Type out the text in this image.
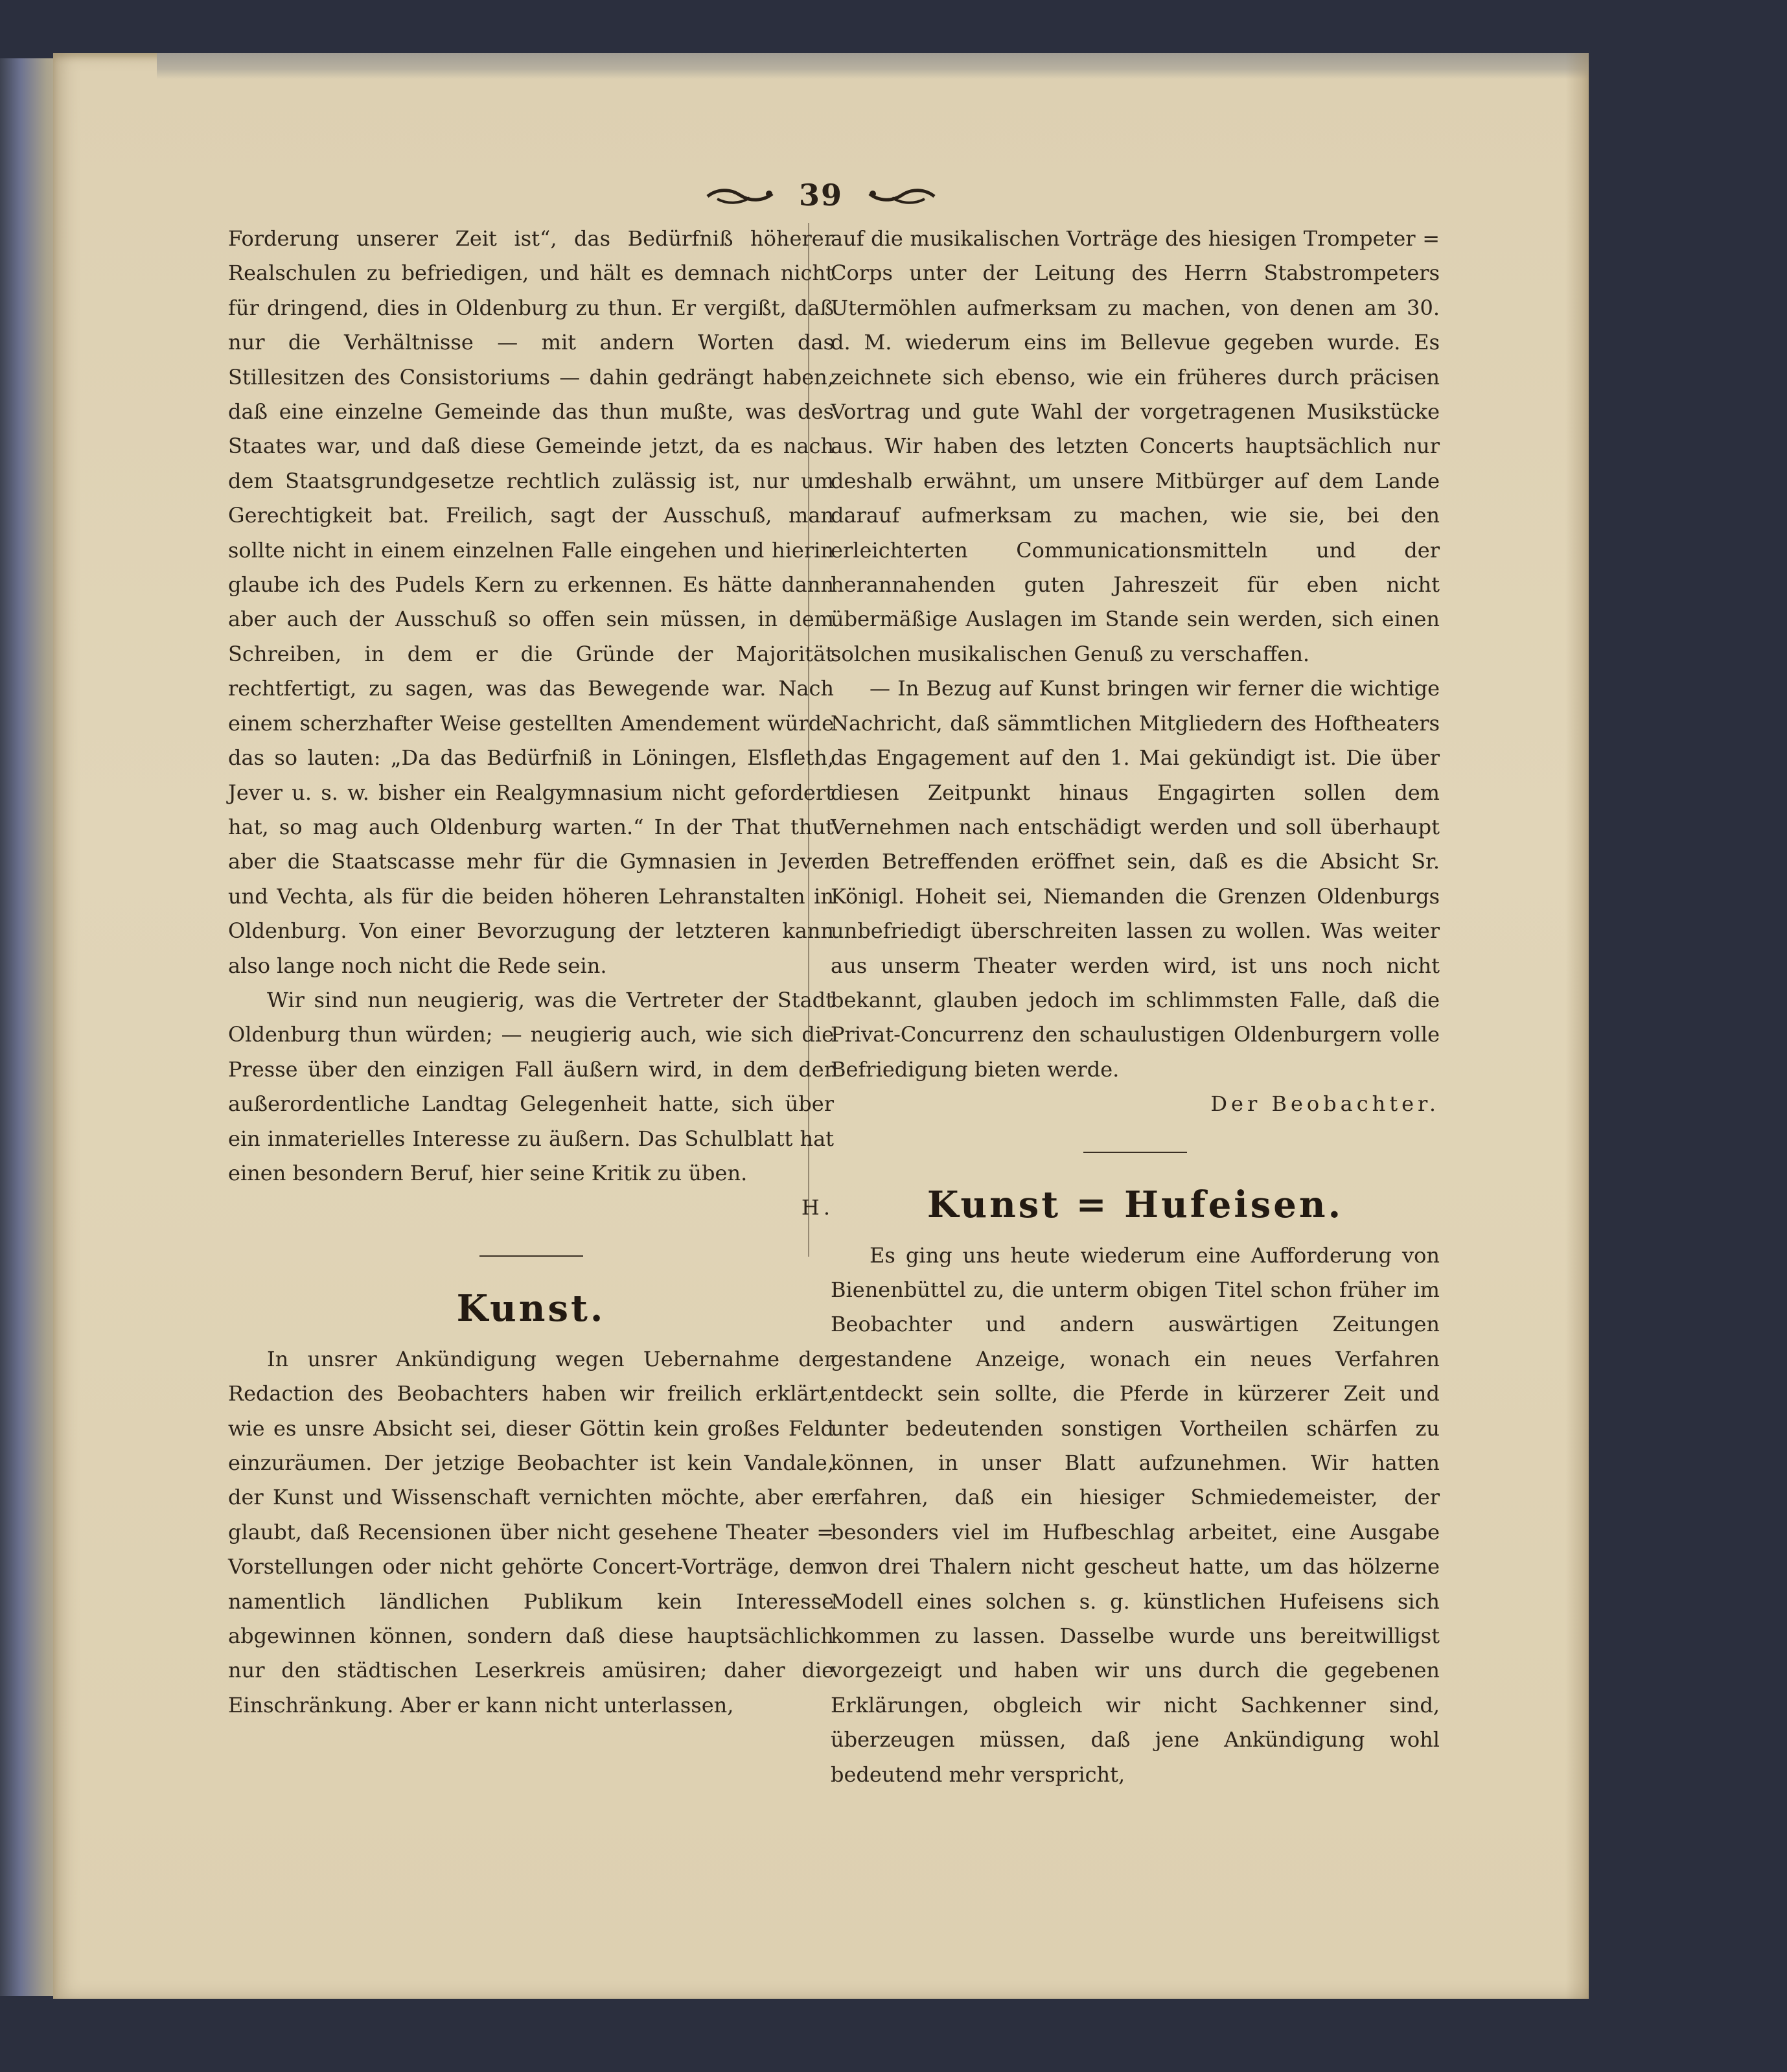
39

Forderung unserer Zeit ist“, das Bedürfniß höherer Realschulen zu befriedigen, und hält es demnach nicht für dringend, dies in Oldenburg zu thun. Er vergißt, daß nur die Verhältnisse — mit andern Worten das Stillesitzen des Consistoriums — dahin gedrängt haben, daß eine einzelne Gemeinde das thun mußte, was des Staates war, und daß diese Gemeinde jetzt, da es nach dem Staatsgrundgesetze rechtlich zulässig ist, nur um Gerechtigkeit bat. Freilich, sagt der Ausschuß, man sollte nicht in einem einzelnen Falle eingehen und hierin glaube ich des Pudels Kern zu erkennen. Es hätte dann aber auch der Ausschuß so offen sein müssen, in dem Schreiben, in dem er die Gründe der Majorität rechtfertigt, zu sagen, was das Bewegende war. Nach einem scherzhafter Weise gestellten Amendement würde das so lauten: „Da das Bedürfniß in Löningen, Elsfleth, Jever u. s. w. bisher ein Realgymnasium nicht gefordert hat, so mag auch Oldenburg warten.“ In der That thut aber die Staatscasse mehr für die Gymnasien in Jever und Vechta, als für die beiden höheren Lehranstalten in Oldenburg. Von einer Bevorzugung der letzteren kann also lange noch nicht die Rede sein.

Wir sind nun neugierig, was die Vertreter der Stadt Oldenburg thun würden; — neugierig auch, wie sich die Presse über den einzigen Fall äußern wird, in dem der außerordentliche Landtag Gelegenheit hatte, sich über ein inmaterielles Interesse zu äußern. Das Schulblatt hat einen besondern Beruf, hier seine Kritik zu üben.

H.

Kunst.

In unsrer Ankündigung wegen Uebernahme der Redaction des Beobachters haben wir freilich erklärt, wie es unsre Absicht sei, dieser Göttin kein großes Feld einzuräumen. Der jetzige Beobachter ist kein Vandale, der Kunst und Wissenschaft vernichten möchte, aber er glaubt, daß Recensionen über nicht gesehene Theater = Vorstellungen oder nicht gehörte Concert-Vorträge, dem namentlich ländlichen Publikum kein Interesse abgewinnen können, sondern daß diese hauptsächlich nur den städtischen Leserkreis amüsiren; daher die Einschränkung. Aber er kann nicht unterlassen,

auf die musikalischen Vorträge des hiesigen Trompeter = Corps unter der Leitung des Herrn Stabstrompeters Utermöhlen aufmerksam zu machen, von denen am 30. d. M. wiederum eins im Bellevue gegeben wurde. Es zeichnete sich ebenso, wie ein früheres durch präcisen Vortrag und gute Wahl der vorgetragenen Musikstücke aus. Wir haben des letzten Concerts hauptsächlich nur deshalb erwähnt, um unsere Mitbürger auf dem Lande darauf aufmerksam zu machen, wie sie, bei den erleichterten Communicationsmitteln und der herannahenden guten Jahreszeit für eben nicht übermäßige Auslagen im Stande sein werden, sich einen solchen musikalischen Genuß zu verschaffen.

— In Bezug auf Kunst bringen wir ferner die wichtige Nachricht, daß sämmtlichen Mitgliedern des Hoftheaters das Engagement auf den 1. Mai gekündigt ist. Die über diesen Zeitpunkt hinaus Engagirten sollen dem Vernehmen nach entschädigt werden und soll überhaupt den Betreffenden eröffnet sein, daß es die Absicht Sr. Königl. Hoheit sei, Niemanden die Grenzen Oldenburgs unbefriedigt überschreiten lassen zu wollen. Was weiter aus unserm Theater werden wird, ist uns noch nicht bekannt, glauben jedoch im schlimmsten Falle, daß die Privat-Concurrenz den schaulustigen Oldenburgern volle Befriedigung bieten werde.

Der Beobachter.

Kunst = Hufeisen.

Es ging uns heute wiederum eine Aufforderung von Bienenbüttel zu, die unterm obigen Titel schon früher im Beobachter und andern auswärtigen Zeitungen gestandene Anzeige, wonach ein neues Verfahren entdeckt sein sollte, die Pferde in kürzerer Zeit und unter bedeutenden sonstigen Vortheilen schärfen zu können, in unser Blatt aufzunehmen. Wir hatten erfahren, daß ein hiesiger Schmiedemeister, der besonders viel im Hufbeschlag arbeitet, eine Ausgabe von drei Thalern nicht gescheut hatte, um das hölzerne Modell eines solchen s. g. künstlichen Hufeisens sich kommen zu lassen. Dasselbe wurde uns bereitwilligst vorgezeigt und haben wir uns durch die gegebenen Erklärungen, obgleich wir nicht Sachkenner sind, überzeugen müssen, daß jene Ankündigung wohl bedeutend mehr verspricht,
